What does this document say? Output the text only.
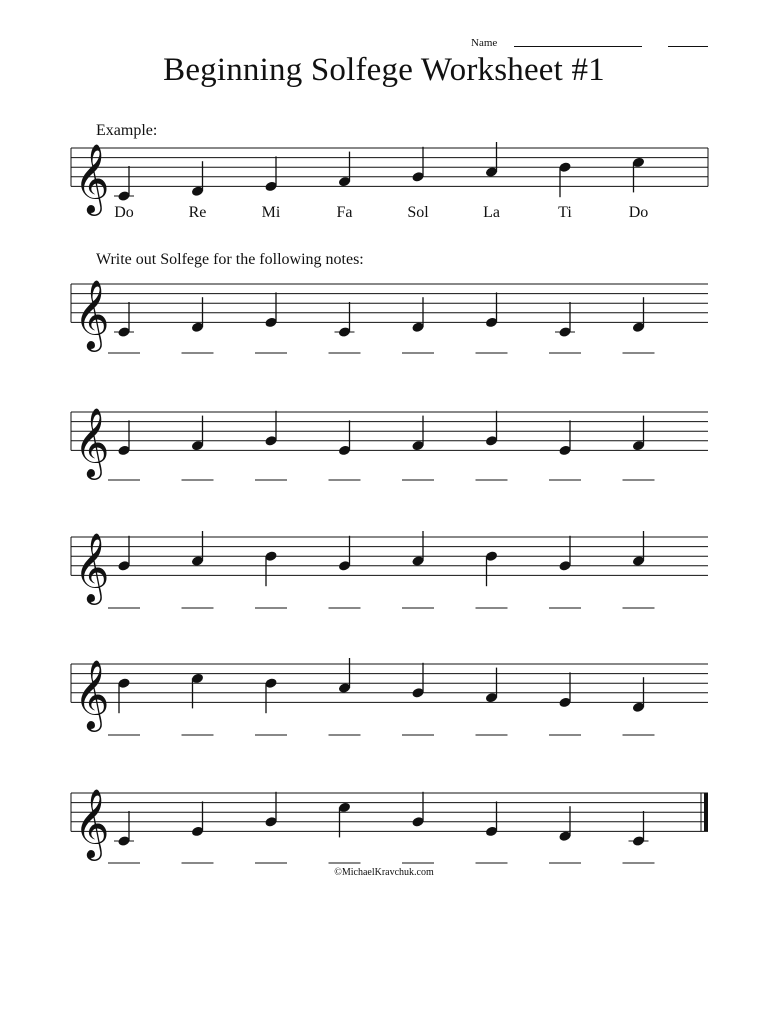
Name
Beginning Solfege Worksheet #1
Example:
Write out Solfege for the following notes:
𝄞 Do	Re	Mi	Fa	Sol	La	Ti	Do
𝄞
𝄞
𝄞
𝄞
𝄞
©MichaelKravchuk.com
